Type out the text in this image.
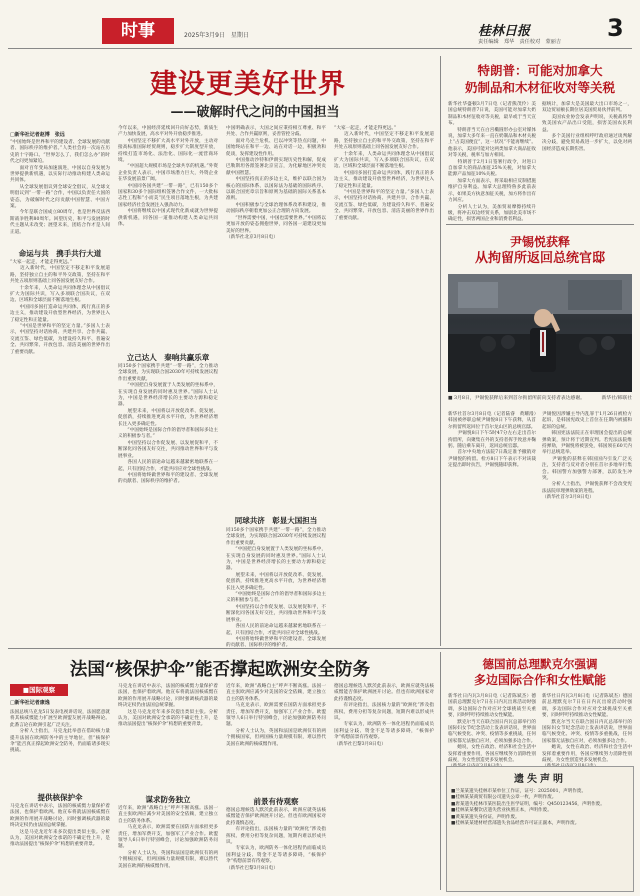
时事	2025年3月9日　星期日	桂林日报	3
责任编辑　郑华　责任校对　蒙丽吉
建设更美好世界
——破解时代之问的中国担当
□新华社记者赵博　张远
“中国始终是世界和平的建设者、全球发展的贡献者、国际秩序的维护者。”人类社会再一次站在历史的十字路口。“世界怎么了、我们怎么办”的时代之问更加紧迫。
　　面对百年变局加速演进，中国以自身发展为世界提供新机遇，以实际行动推动构建人类命运共同体。
　　从全球发展倡议到全球安全倡议，从全球文明倡议到“一带一路”合作，中国以负责任大国的姿态，为破解时代之问贡献中国智慧、中国方案。
　　今年是联合国成立80周年，也是世界反法西斯战争胜利80周年。回望历史，和平与发展的时代主题从未改变；展望未来，团结合作才是人间正道。
命运与共　携手共行大道
“大家一起走，才能走得更远。”
　　迈入新时代，中国坚定不移走和平发展道路，坚持独立自主的和平外交政策，坚持在和平共处五项原则基础上同各国发展友好合作。
　　十余年来，人类命运共同体理念从中国倡议扩大为国际共识，写入多项联合国决议，在双边、区域和全球层面不断落地生根。
　　中国同多国打造命运共同体，践行真正的多边主义，推动建设开放型世界经济，为世界注入了稳定性和正能量。
　　“中国是世界和平的坚定力量。”多国人士表示，中国坚持对话协商、共建共享、合作共赢、交流互鉴、绿色低碳，为建设持久和平、普遍安全、共同繁荣、开放包容、清洁美丽的世界作出了重要贡献。
今年以来，中国经济延续回升向好态势，新质生产力加快发展，高水平对外开放稳步推进。
　　中国坚定不移扩大高水平对外开放，主动对接高标准国际经贸规则，稳步扩大制度型开放，持续打造市场化、法治化、国际化一流营商环境。
　　“中国超大规模市场是全球共享的机遇。”外资企业负责人表示，中国市场潜力巨大，外资企业在华发展前景广阔。
　　中国同各国共建“一带一路”，已有150多个国家和30多个国际组织签署合作文件，一大批标志性工程和“小而美”民生项目落地生根，为共建国家经济社会发展注入强劲动力。
　　中国将继续以中国式现代化新成就为世界提供新机遇，同各国一道推动构建人类命运共同体。
立己达人　秦响共赢乐章
同150多个国家携手共建“一带一路”，全力推动全球发展，为实现联合国2030年可持续发展议程作出重要贡献。
　　“中国把自身发展置于人类发展的坐标系中，在实现自身发展的同时惠及世界。”国际人士认为，中国是世界经济增长的主要动力源和稳定器。
　　展望未来，中国将以开放促改革、促发展、促创新，持续推进更高水平开放，为世界经济增长注入更多确定性。
　　“中国始终是国际合作的倡导者和国际多边主义的积极参与者。”
　　中国坚持以合作促发展、以发展促和平，不断深化同各国友好交往，共同推动世界和平与发展事业。
　　各国人民的前途命运越来越紧密地联系在一起，只有团结合作，才能共同应对全球性挑战。
　　中国将始终做世界和平的建设者、全球发展的贡献者、国际秩序的维护者。
中国明确表示，大国之间应秉持相互尊重、和平共处、合作共赢原则，妥善管控分歧。
　　面对乌克兰危机、巴以冲突等热点问题，中国始终站在和平一边、站在对话一边，积极劝和促谈，发挥建设性作用。
　　中国推动沙特和伊朗实现历史性和解，促成巴勒斯坦各派签署北京宣言，为化解地区冲突贡献中国智慧。
　　中国坚持真正的多边主义，维护以联合国为核心的国际体系、以国际法为基础的国际秩序、以联合国宪章宗旨和原则为基础的国际关系基本准则。
　　中国积极参与全球治理体系改革和建设，推动国际秩序朝着更加公正合理的方向发展。
　　“世界需要中国，中国也需要世界。”中国将以更加开放的姿态拥抱世界，同各国一道建设更加美好的世界。
（新华社北京3月8日电）
同球共济　彰显大国担当
同150多个国家携手共建“一带一路”，全力推动全球发展，为实现联合国2030年可持续发展议程作出重要贡献。
　　“中国把自身发展置于人类发展的坐标系中，在实现自身发展的同时惠及世界。”国际人士认为，中国是世界经济增长的主要动力源和稳定器。
　　展望未来，中国将以开放促改革、促发展、促创新，持续推进更高水平开放，为世界经济增长注入更多确定性。
　　“中国始终是国际合作的倡导者和国际多边主义的积极参与者。”
　　中国坚持以合作促发展、以发展促和平，不断深化同各国友好交往，共同推动世界和平与发展事业。
　　各国人民的前途命运越来越紧密地联系在一起，只有团结合作，才能共同应对全球性挑战。
　　中国将始终做世界和平的建设者、全球发展的贡献者、国际秩序的维护者。
“大家一起走，才能走得更远。”
　　迈入新时代，中国坚定不移走和平发展道路，坚持独立自主的和平外交政策，坚持在和平共处五项原则基础上同各国发展友好合作。
　　十余年来，人类命运共同体理念从中国倡议扩大为国际共识，写入多项联合国决议，在双边、区域和全球层面不断落地生根。
　　中国同多国打造命运共同体，践行真正的多边主义，推动建设开放型世界经济，为世界注入了稳定性和正能量。
　　“中国是世界和平的坚定力量。”多国人士表示，中国坚持对话协商、共建共享、合作共赢、交流互鉴、绿色低碳，为建设持久和平、普遍安全、共同繁荣、开放包容、清洁美丽的世界作出了重要贡献。
特朗普：可能对加拿大
奶制品和木材征收对等关税
新华社华盛顿3月7日电（记者熊茂伶）美国总统特朗普7日说，美国可能对加拿大奶制品和木材征收对等关税，最早或于当天宣布。
　　特朗普当天在白宫椭圆形办公室对媒体说，加拿大多年来一直在奶制品和木材关税上“占美国便宜”，这一状况“不能再继续”。他表示，美国可能对这两类加拿大商品征收对等关税，税率与加方相同。
　　特朗普于2月1日签署行政令，对进口自加拿大的商品加征25%关税，对加拿大能源产品加征10%关税。
　　加拿大方面表示，将采取相应反制措施维护自身利益。加拿大总理特鲁多此前表示，如果美方执意加征关税，加方将作出有力回应。
　　分析人士认为，美加贸易摩擦持续升级，将冲击双边经贸关系，加剧北美市场不确定性，损害两国企业和消费者利益。
据统计，加拿大是美国最大出口市场之一，双边贸易额长期位居美国贸易伙伴前列。
　　美国农业协会发表声明说，关税战将导致美国农产品出口受阻，损害美国农民利益。
　　多个美国行业组织呼吁政府通过谈判解决分歧，避免贸易战进一步扩大，以免对两国经济造成长期伤害。
尹锡悦获释
从拘留所返回总统官邸
■ 3月8日，尹锡悦获释后来到首尔拘留所前向支持者表达感谢。	新华社/韩联社
新华社首尔3月8日电（记者陆睿　黄耀漫）韩国被停职总统尹锡悦8日下午获释，从首尔拘留所返回位于首尔龙山区的总统官邸。
　　尹锡悦8日下午5时47分左右走出首尔拘留所，向聚集在外的支持者挥手致意并鞠躬。随后乘车离开，返回总统官邸。
　　首尔中央地方法院7日裁定准予撤销对尹锡悦的拘留。检方8日下午表示不对该裁定提出即时抗告，尹锡悦随即获释。
尹锡悦因涉嫌主导内乱罪于1月26日被检方起诉，是韩国宪政史上首位在任期内被捕和起诉的总统。
　　韩国宪法法院正在审理国会提出的总统弹劾案，预计将于近期宣判。若宪法法院维持弹劾，尹锡悦将被罢免，韩国须在60天内举行总统选举。
　　尹锡悦的获释在韩国国内引发广泛关注，支持者与反对者分别在首尔多地举行集会。韩国警方加强警力部署，以防发生冲突。
　　分析人士指出，尹锡悦获释不会改变宪法法院审理弹劾案的进程。
（新华社首尔3月8日电）
法国“核保护伞”能否撑起欧洲安全防务
■国际观察
□新华社记者康逸
法国总统马克龙5日发表电视讲话说，法国愿意就将其核威慑能力扩展至欧洲盟友展开战略辩论。此番言论在欧洲引起广泛关注。
　　分析人士指出，马克龙此举意在借助核力量提升法国在欧洲防务中的主导地位，但“核保护伞”能否真正撑起欧洲安全防务，仍面临诸多现实挑战。
提供核保护伞
马克龙在讲话中表示，法国的核威慑力量保护着法国，也保护着欧洲。他宣布将就法国核威慑在欧洲的作用展开战略讨论，同时强调核武器的最终决定权仍由法国总统掌握。
　　这是马克龙近年来多次提出类似主张。分析认为，美国对欧洲安全承诺的不确定性上升，是推动法国提出“核保护伞”构想的重要背景。
马克龙在讲话中表示，法国的核威慑力量保护着法国，也保护着欧洲。他宣布将就法国核威慑在欧洲的作用展开战略讨论，同时强调核武器的最终决定权仍由法国总统掌握。
　　这是马克龙近年来多次提出类似主张。分析认为，美国对欧洲安全承诺的不确定性上升，是推动法国提出“核保护伞”构想的重要背景。
谋求防务独立
近年来，欧洲“战略自主”呼声不断高涨。法国一直主张欧洲应减少对美国的安全依赖，建立独立自主的防务体系。
　　马克龙表示，欧洲需要在国防方面承担更多责任，增加军费开支，加强军工产业合作。欧盟领导人6日举行特别峰会，讨论加强欧洲防务问题。
　　分析人士认为，英国和法国是欧洲仅有的两个拥核国家，但两国核力量规模有限，难以替代美国在欧洲的核威慑作用。
近年来，欧洲“战略自主”呼声不断高涨。法国一直主张欧洲应减少对美国的安全依赖，建立独立自主的防务体系。
　　马克龙表示，欧洲需要在国防方面承担更多责任，增加军费开支，加强军工产业合作。欧盟领导人6日举行特别峰会，讨论加强欧洲防务问题。
　　分析人士认为，英国和法国是欧洲仅有的两个拥核国家，但两国核力量规模有限，难以替代美国在欧洲的核威慑作用。
前景有待观察
德国总理候选人默茨此前表示，欧洲应就英法核威慑能否保护欧洲展开讨论。但也有欧洲国家对此持谨慎态度。
　　有评论指出，法国核力量的“欧洲化”涉及指挥权、费用分担等复杂问题，短期内难以形成共识。
　　专家认为，欧洲防务一体化进程仍面临成员国利益分歧、资金不足等诸多障碍，“核保护伞”构想前景有待观察。
（新华社巴黎3月8日电）
德国总理候选人默茨此前表示，欧洲应就英法核威慑能否保护欧洲展开讨论。但也有欧洲国家对此持谨慎态度。
　　有评论指出，法国核力量的“欧洲化”涉及指挥权、费用分担等复杂问题，短期内难以形成共识。
　　专家认为，欧洲防务一体化进程仍面临成员国利益分歧、资金不足等诸多障碍，“核保护伞”构想前景有待观察。
（新华社巴黎3月8日电）
德国前总理默克尔强调
多边国际合作和女性赋能
新华社日内瓦3月8日电（记者陈斌杰）德国前总理默克尔7日在日内瓦出席活动时强调，多边国际合作对应对全球挑战至关重要，同时呼吁持续推动女性赋能。
　　默克尔当天在联合国日内瓦总部举行的国际妇女节纪念活动上发表讲话说，世界面临气候变化、冲突、疫情等多重挑战，任何国家都无法独自应对，必须加强多边合作。
　　她说，女性在政治、经济和社会生活中发挥着重要作用，各国应继续努力消除性别歧视，为女性创造更多发展机会。

新华社日内瓦3月8日电（记者陈斌杰）德国前总理默克尔7日在日内瓦出席活动时强调，多边国际合作对应对全球挑战至关重要，同时呼吁持续推动女性赋能。
　　默克尔当天在联合国日内瓦总部举行的国际妇女节纪念活动上发表讲话说，世界面临气候变化、冲突、疫情等多重挑战，任何国家都无法独自应对，必须加强多边合作。
　　她说，女性在政治、经济和社会生活中发挥着重要作用，各国应继续努力消除性别歧视，为女性创造更多发展机会。

遗失声明
■兰某某遗失桂林市某单位工作证，证号：2025001，声明作废。
■桂林某某商贸有限公司遗失公章一枚，声明作废。
■唐某遗失桂林市某医院出生医学证明，编号：Q450123456，声明作废。
■桂林某某餐饮店遗失营业执照正本，声明作废。
■黄某某遗失身份证，声明作废。
■桂林某某建材经营部遗失食品经营许可证正副本，声明作废。
